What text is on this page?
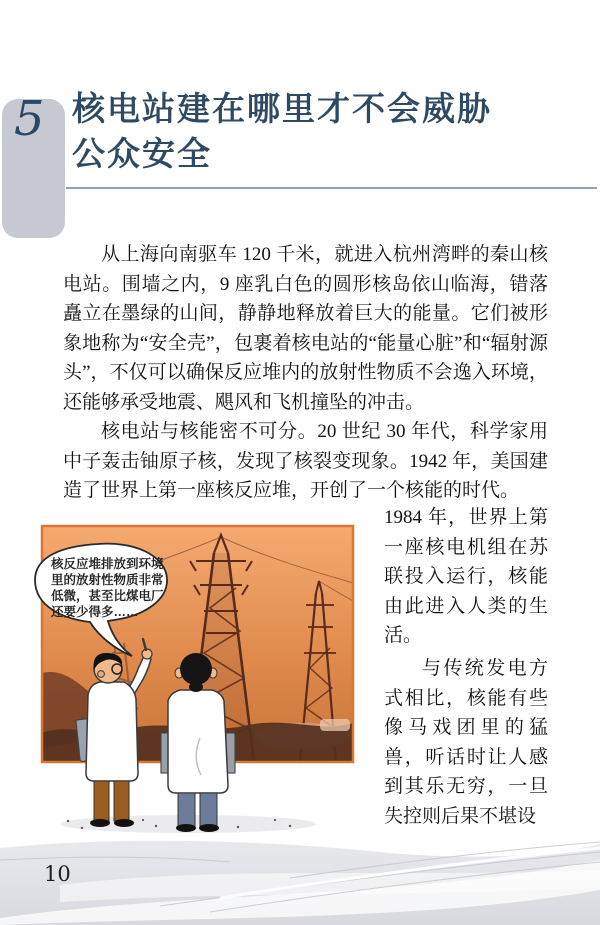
5 核电站建在哪里才不会威胁
公众安全

从上海向南驱车 120 千米，就进入杭州湾畔的秦山核电站。围墙之内，9 座乳白色的圆形核岛依山临海，错落矗立在墨绿的山间，静静地释放着巨大的能量。它们被形象地称为“安全壳”，包裹着核电站的“能量心脏”和“辐射源头”，不仅可以确保反应堆内的放射性物质不会逸入环境，还能够承受地震、飓风和飞机撞坠的冲击。

核电站与核能密不可分。20 世纪 30 年代，科学家用中子轰击铀原子核，发现了核裂变现象。1942 年，美国建造了世界上第一座核反应堆，开创了一个核能的时代。

1984 年，世界上第一座核电机组在苏联投入运行，核能由此进入人类的生活。

与传统发电方式相比，核能有些像马戏团里的猛兽，听话时让人感到其乐无穷，一旦失控则后果不堪设

核反应堆排放到环境
里的放射性物质非常
低微，甚至比煤电厂
还要少得多……
10
